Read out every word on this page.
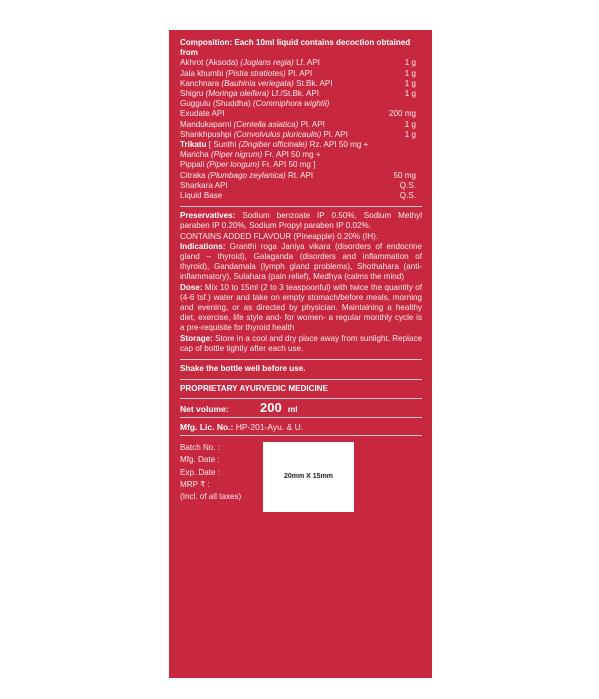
Composition: Each 10ml liquid contains decoction obtained from
Akhrot (Aksoda) (Juglans regia) Lf. API	1 g
Jala khumbi (Pistia stratiotes) Pl. API	1 g
Kanchnara (Bauhinia veriegata) St.Bk. API	1 g
Shigru (Moringa oleifera) Lf./St.Bk. API	1 g
Guggulu (Shuddha) (Commiphora wightii)
Exudate API	200 mg
Mandukaparni (Centella asiatica) Pl. API	1 g
Shankhpushpi (Convolvulus pluricaulis) Pl. API	1 g
Trikatu [ Sunthi (Zingiber officinale) Rz. API 50 mg +
Maricha (Piper nigrum) Fr. API 50 mg +
Pippali (Piper longum) Fr. API 50 mg ]
Citraka (Plumbago zeylanica) Rt. API	50 mg
Sharkara API	Q.S.
Liquid Base	Q.S.
Preservatives: Sodium benzoate IP 0.50%, Sodium Methyl paraben IP 0.20%, Sodium Propyl paraben IP 0.02%.
CONTAINS ADDED FLAVOUR (Pineapple) 0.20% (IH).
Indications: Granthi roga Janiya vikara (disorders of endocrine gland – thyroid), Galaganda (disorders and inflammation of thyroid), Gandamala (lymph gland problems), Shothahara (anti-inflammatory), Sulahara (pain relief), Medhya (calms the mind)
Dose: Mix 10 to 15ml (2 to 3 teaspoonful) with twice the quantity of (4-6 tsf.) water and take on empty stomach/before meals, morning and evening, or as directed by physician. Maintaining a healthy diet, exercise, life style and- for women- a regular monthly cycle is a pre-requisite for thyroid health
Storage: Store in a cool and dry place away from sunlight. Replace cap of bottle tightly after each use.
Shake the bottle well before use.
PROPRIETARY AYURVEDIC MEDICINE
Net volume:	200 ml
Mfg. Lic. No.: HP-201-Ayu. & U.
Batch No. :
Mfg. Date :
Exp. Date :
MRP ₹ :
(Incl. of all taxes)
20mm X 15mm
